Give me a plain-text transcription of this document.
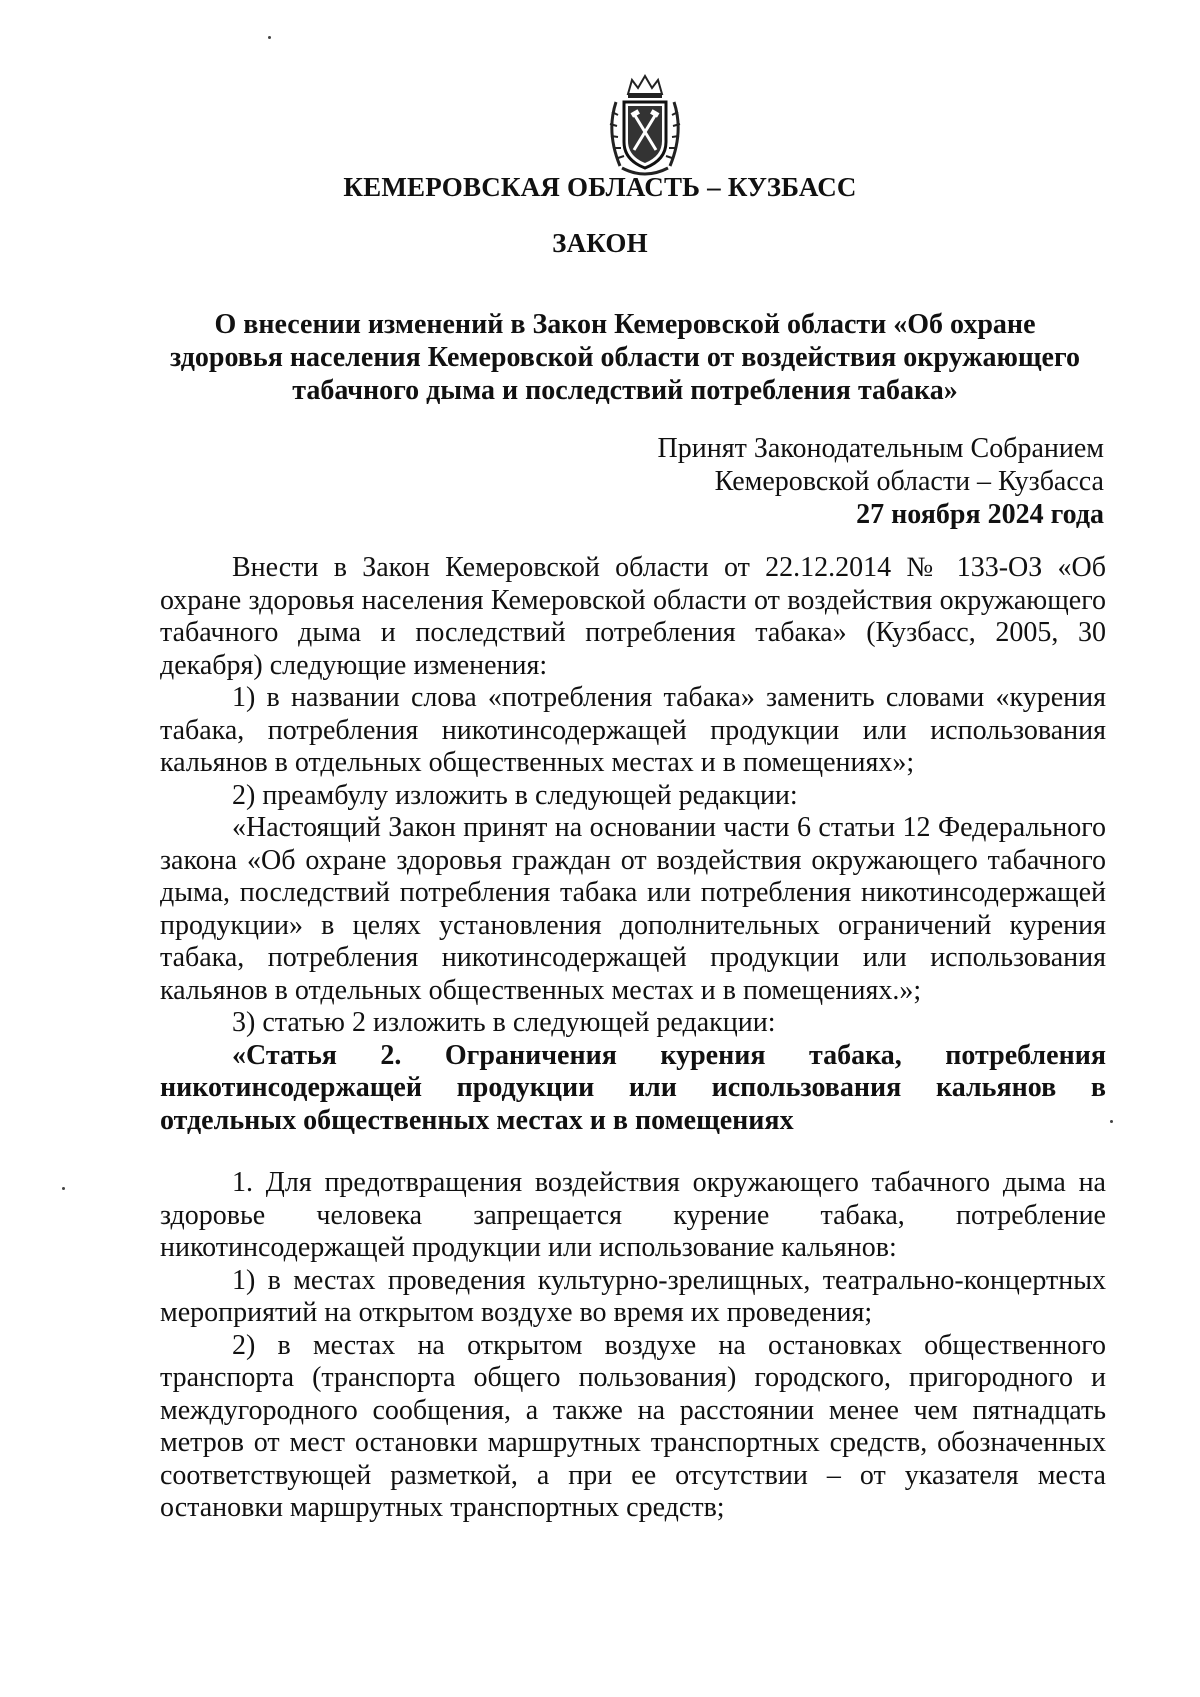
КЕМЕРОВСКАЯ ОБЛАСТЬ – КУЗБАСС
ЗАКОН
О внесении изменений в Закон Кемеровской области «Об охране
здоровья населения Кемеровской области от воздействия окружающего
табачного дыма и последствий потребления табака»
Принят Законодательным Собранием
Кемеровской области – Кузбасса
27 ноября 2024 года

Внести в Закон Кемеровской области от 22.12.2014 № 133-ОЗ «Об охране здоровья населения Кемеровской области от воздействия окружающего табачного дыма и последствий потребления табака» (Кузбасс, 2005, 30 декабря) следующие изменения:

1) в названии слова «потребления табака» заменить словами «курения табака, потребления никотинсодержащей продукции или использования кальянов в отдельных общественных местах и в помещениях»;

2) преамбулу изложить в следующей редакции:

«Настоящий Закон принят на основании части 6 статьи 12 Федерального закона «Об охране здоровья граждан от воздействия окружающего табачного дыма, последствий потребления табака или потребления никотинсодержащей продукции» в целях установления дополнительных ограничений курения табака, потребления никотинсодержащей продукции или использования кальянов в отдельных общественных местах и в помещениях.»;

3) статью 2 изложить в следующей редакции:

«Статья 2. Ограничения курения табака, потребления никотинсодержащей продукции или использования кальянов в отдельных общественных местах и в помещениях

1. Для предотвращения воздействия окружающего табачного дыма на здоровье человека запрещается курение табака, потребление никотинсодержащей продукции или использование кальянов:

1) в местах проведения культурно-зрелищных, театрально-концертных мероприятий на открытом воздухе во время их проведения;

2) в местах на открытом воздухе на остановках общественного транспорта (транспорта общего пользования) городского, пригородного и междугородного сообщения, а также на расстоянии менее чем пятнадцать метров от мест остановки маршрутных транспортных средств, обозначенных соответствующей разметкой, а при ее отсутствии – от указателя места остановки маршрутных транспортных средств;
